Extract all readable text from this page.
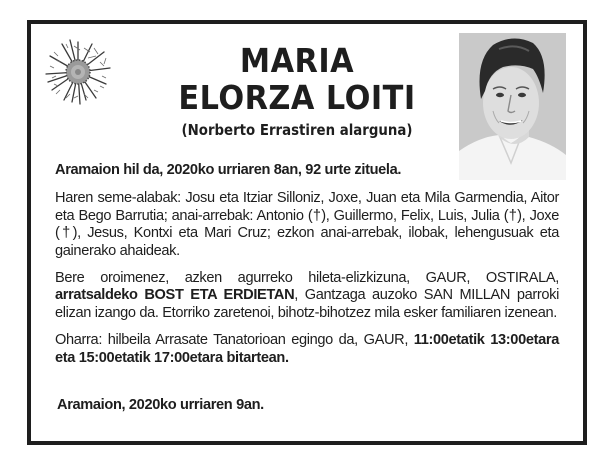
MARIA
ELORZA LOITI
(Norberto Errastiren alarguna)

Aramaion hil da, 2020ko urriaren 8an, 92 urte zituela.

Haren seme-alabak: Josu eta Itziar Silloniz, Joxe, Juan eta Mila Garmendia, Aitor eta Bego Barrutia; anai-arrebak: Antonio (†), Guillermo, Felix, Luis, Julia (†), Joxe (†), Jesus, Kontxi eta Mari Cruz; ezkon anai-arrebak, ilobak, lehengusuak eta gainerako ahaideak.

Bere oroimenez, azken agurreko hileta-elizkizuna, GAUR, OSTIRALA, arratsaldeko BOST ETA ERDIETAN, Gantzaga auzoko SAN MILLAN parroki elizan izango da. Etorriko zaretenoi, bihotz-bihotzez mila esker familiaren izenean.

Oharra: hilbeila Arrasate Tanatorioan egingo da, GAUR, 11:00etatik 13:00etara eta 15:00etatik 17:00etara bitartean.

Aramaion, 2020ko urriaren 9an.
